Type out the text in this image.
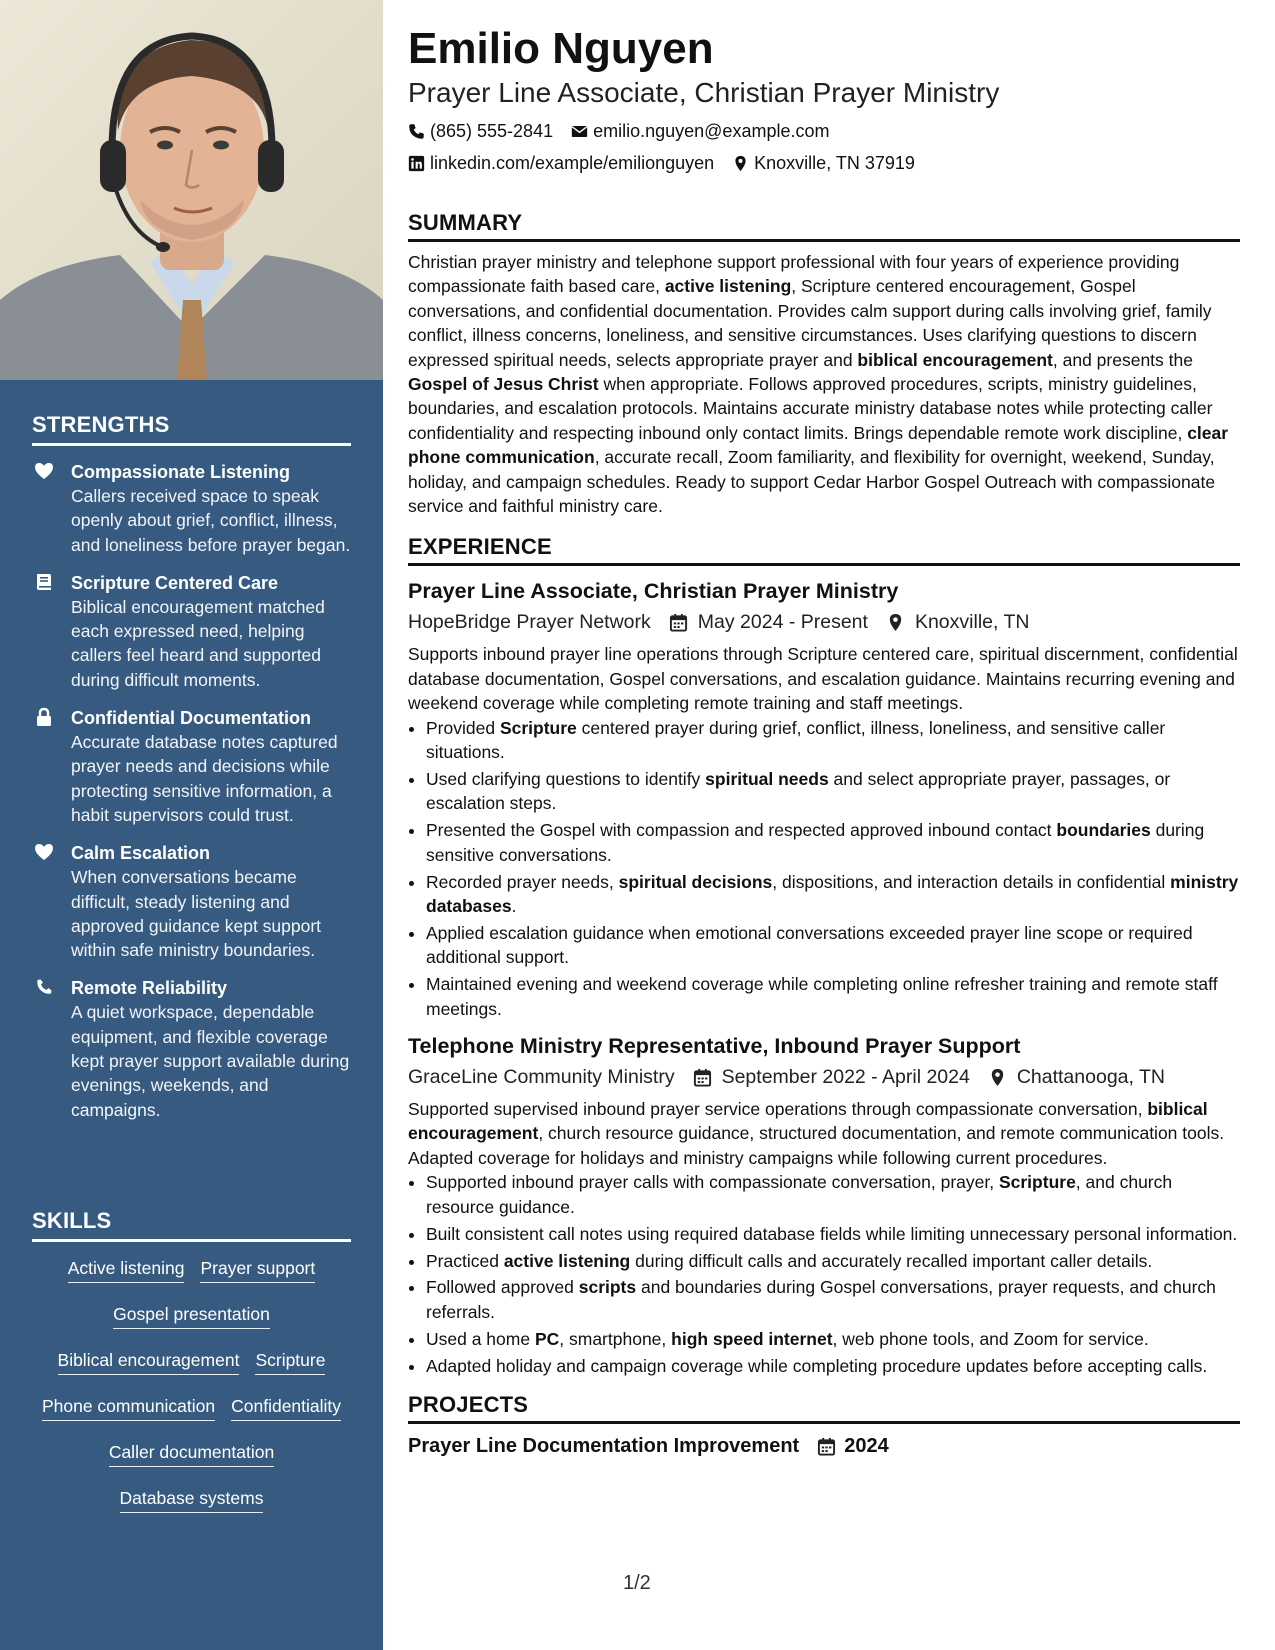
STRENGTHS
Compassionate Listening
Callers received space to speak openly about grief, conflict, illness, and loneliness before prayer began.
Scripture Centered Care
Biblical encouragement matched each expressed need, helping callers feel heard and supported during difficult moments.
Confidential Documentation
Accurate database notes captured prayer needs and decisions while protecting sensitive information, a habit supervisors could trust.
Calm Escalation
When conversations became difficult, steady listening and approved guidance kept support within safe ministry boundaries.
Remote Reliability
A quiet workspace, dependable equipment, and flexible coverage kept prayer support available during evenings, weekends, and campaigns.
SKILLS
Active listening Prayer support
Gospel presentation
Biblical encouragement Scripture
Phone communication Confidentiality
Caller documentation
Database systems
Emilio Nguyen
Prayer Line Associate, Christian Prayer Ministry
(865) 555-2841 emilio.nguyen@example.com
linkedin.com/example/emilionguyen Knoxville, TN 37919
SUMMARY
Christian prayer ministry and telephone support professional with four years of experience providing compassionate faith based care, active listening, Scripture centered encouragement, Gospel conversations, and confidential documentation. Provides calm support during calls involving grief, family conflict, illness concerns, loneliness, and sensitive circumstances. Uses clarifying questions to discern expressed spiritual needs, selects appropriate prayer and biblical encouragement, and presents the Gospel of Jesus Christ when appropriate. Follows approved procedures, scripts, ministry guidelines, boundaries, and escalation protocols. Maintains accurate ministry database notes while protecting caller confidentiality and respecting inbound only contact limits. Brings dependable remote work discipline, clear phone communication, accurate recall, Zoom familiarity, and flexibility for overnight, weekend, Sunday, holiday, and campaign schedules. Ready to support Cedar Harbor Gospel Outreach with compassionate service and faithful ministry care.
EXPERIENCE
Prayer Line Associate, Christian Prayer Ministry
HopeBridge Prayer Network May 2024 - Present Knoxville, TN
Supports inbound prayer line operations through Scripture centered care, spiritual discernment, confidential database documentation, Gospel conversations, and escalation guidance. Maintains recurring evening and weekend coverage while completing remote training and staff meetings.
• Provided Scripture centered prayer during grief, conflict, illness, loneliness, and sensitive caller situations.
• Used clarifying questions to identify spiritual needs and select appropriate prayer, passages, or escalation steps.
• Presented the Gospel with compassion and respected approved inbound contact boundaries during sensitive conversations.
• Recorded prayer needs, spiritual decisions, dispositions, and interaction details in confidential ministry databases.
• Applied escalation guidance when emotional conversations exceeded prayer line scope or required additional support.
• Maintained evening and weekend coverage while completing online refresher training and remote staff meetings.
Telephone Ministry Representative, Inbound Prayer Support
GraceLine Community Ministry September 2022 - April 2024 Chattanooga, TN
Supported supervised inbound prayer service operations through compassionate conversation, biblical encouragement, church resource guidance, structured documentation, and remote communication tools. Adapted coverage for holidays and ministry campaigns while following current procedures.
• Supported inbound prayer calls with compassionate conversation, prayer, Scripture, and church resource guidance.
• Built consistent call notes using required database fields while limiting unnecessary personal information.
• Practiced active listening during difficult calls and accurately recalled important caller details.
• Followed approved scripts and boundaries during Gospel conversations, prayer requests, and church referrals.
• Used a home PC, smartphone, high speed internet, web phone tools, and Zoom for service.
• Adapted holiday and campaign coverage while completing procedure updates before accepting calls.
PROJECTS
Prayer Line Documentation Improvement 2024
1/2
